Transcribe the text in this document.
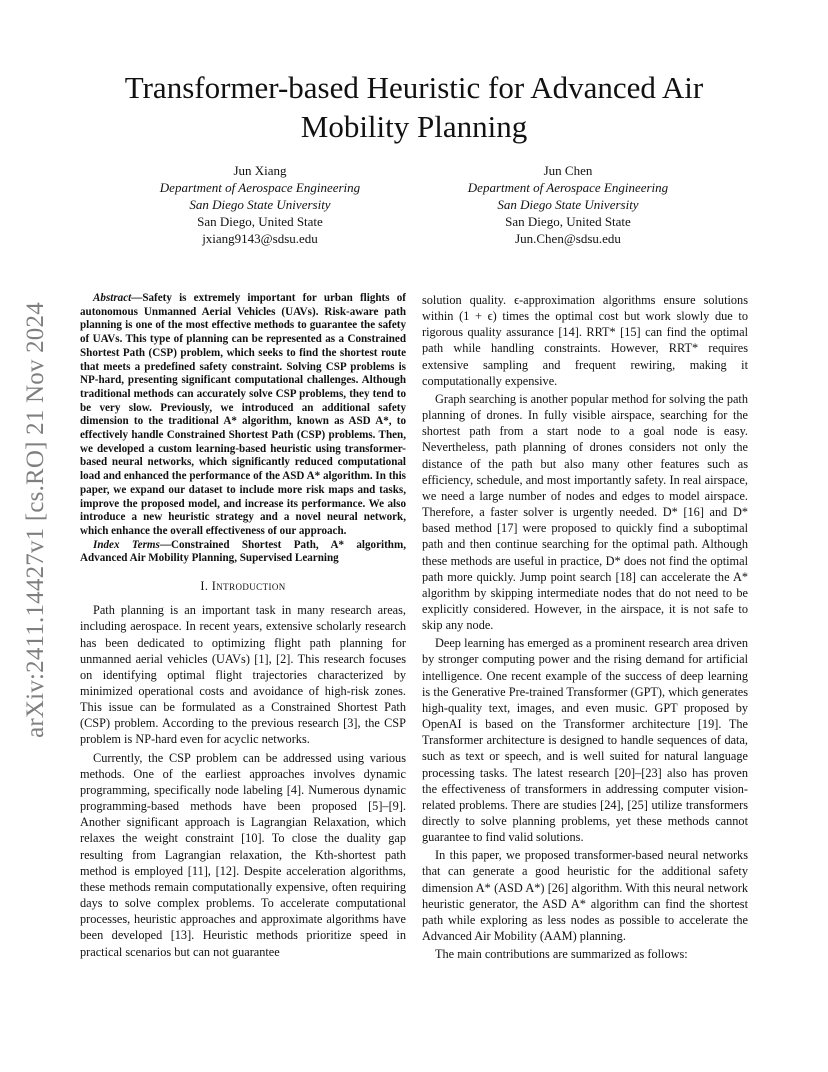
arXiv:2411.14427v1 [cs.RO] 21 Nov 2024
Transformer-based Heuristic for Advanced Air Mobility Planning
Jun Xiang
Department of Aerospace Engineering
San Diego State University
San Diego, United State
jxiang9143@sdsu.edu
Jun Chen
Department of Aerospace Engineering
San Diego State University
San Diego, United State
Jun.Chen@sdsu.edu

Abstract—Safety is extremely important for urban flights of autonomous Unmanned Aerial Vehicles (UAVs). Risk-aware path planning is one of the most effective methods to guarantee the safety of UAVs. This type of planning can be represented as a Constrained Shortest Path (CSP) problem, which seeks to find the shortest route that meets a predefined safety constraint. Solving CSP problems is NP-hard, presenting significant computational challenges. Although traditional methods can accurately solve CSP problems, they tend to be very slow. Previously, we introduced an additional safety dimension to the traditional A* algorithm, known as ASD A*, to effectively handle Constrained Shortest Path (CSP) problems. Then, we developed a custom learning-based heuristic using transformer-based neural networks, which significantly reduced computational load and enhanced the performance of the ASD A* algorithm. In this paper, we expand our dataset to include more risk maps and tasks, improve the proposed model, and increase its performance. We also introduce a new heuristic strategy and a novel neural network, which enhance the overall effectiveness of our approach.

Index Terms—Constrained Shortest Path, A* algorithm, Advanced Air Mobility Planning, Supervised Learning

I. Introduction

Path planning is an important task in many research areas, including aerospace. In recent years, extensive scholarly research has been dedicated to optimizing flight path planning for unmanned aerial vehicles (UAVs) [1], [2]. This research focuses on identifying optimal flight trajectories characterized by minimized operational costs and avoidance of high-risk zones. This issue can be formulated as a Constrained Shortest Path (CSP) problem. According to the previous research [3], the CSP problem is NP-hard even for acyclic networks.

Currently, the CSP problem can be addressed using various methods. One of the earliest approaches involves dynamic programming, specifically node labeling [4]. Numerous dynamic programming-based methods have been proposed [5]–[9]. Another significant approach is Lagrangian Relaxation, which relaxes the weight constraint [10]. To close the duality gap resulting from Lagrangian relaxation, the Kth-shortest path method is employed [11], [12]. Despite acceleration algorithms, these methods remain computationally expensive, often requiring days to solve complex problems. To accelerate computational processes, heuristic approaches and approximate algorithms have been developed [13]. Heuristic methods prioritize speed in practical scenarios but can not guarantee

solution quality. ϵ-approximation algorithms ensure solutions within (1 + ϵ) times the optimal cost but work slowly due to rigorous quality assurance [14]. RRT* [15] can find the optimal path while handling constraints. However, RRT* requires extensive sampling and frequent rewiring, making it computationally expensive.

Graph searching is another popular method for solving the path planning of drones. In fully visible airspace, searching for the shortest path from a start node to a goal node is easy. Nevertheless, path planning of drones considers not only the distance of the path but also many other features such as efficiency, schedule, and most importantly safety. In real airspace, we need a large number of nodes and edges to model airspace. Therefore, a faster solver is urgently needed. D* [16] and D* based method [17] were proposed to quickly find a suboptimal path and then continue searching for the optimal path. Although these methods are useful in practice, D* does not find the optimal path more quickly. Jump point search [18] can accelerate the A* algorithm by skipping intermediate nodes that do not need to be explicitly considered. However, in the airspace, it is not safe to skip any node.

Deep learning has emerged as a prominent research area driven by stronger computing power and the rising demand for artificial intelligence. One recent example of the success of deep learning is the Generative Pre-trained Transformer (GPT), which generates high-quality text, images, and even music. GPT proposed by OpenAI is based on the Transformer architecture [19]. The Transformer architecture is designed to handle sequences of data, such as text or speech, and is well suited for natural language processing tasks. The latest research [20]–[23] also has proven the effectiveness of transformers in addressing computer vision-related problems. There are studies [24], [25] utilize transformers directly to solve planning problems, yet these methods cannot guarantee to find valid solutions.

In this paper, we proposed transformer-based neural networks that can generate a good heuristic for the additional safety dimension A* (ASD A*) [26] algorithm. With this neural network heuristic generator, the ASD A* algorithm can find the shortest path while exploring as less nodes as possible to accelerate the Advanced Air Mobility (AAM) planning.

The main contributions are summarized as follows:
